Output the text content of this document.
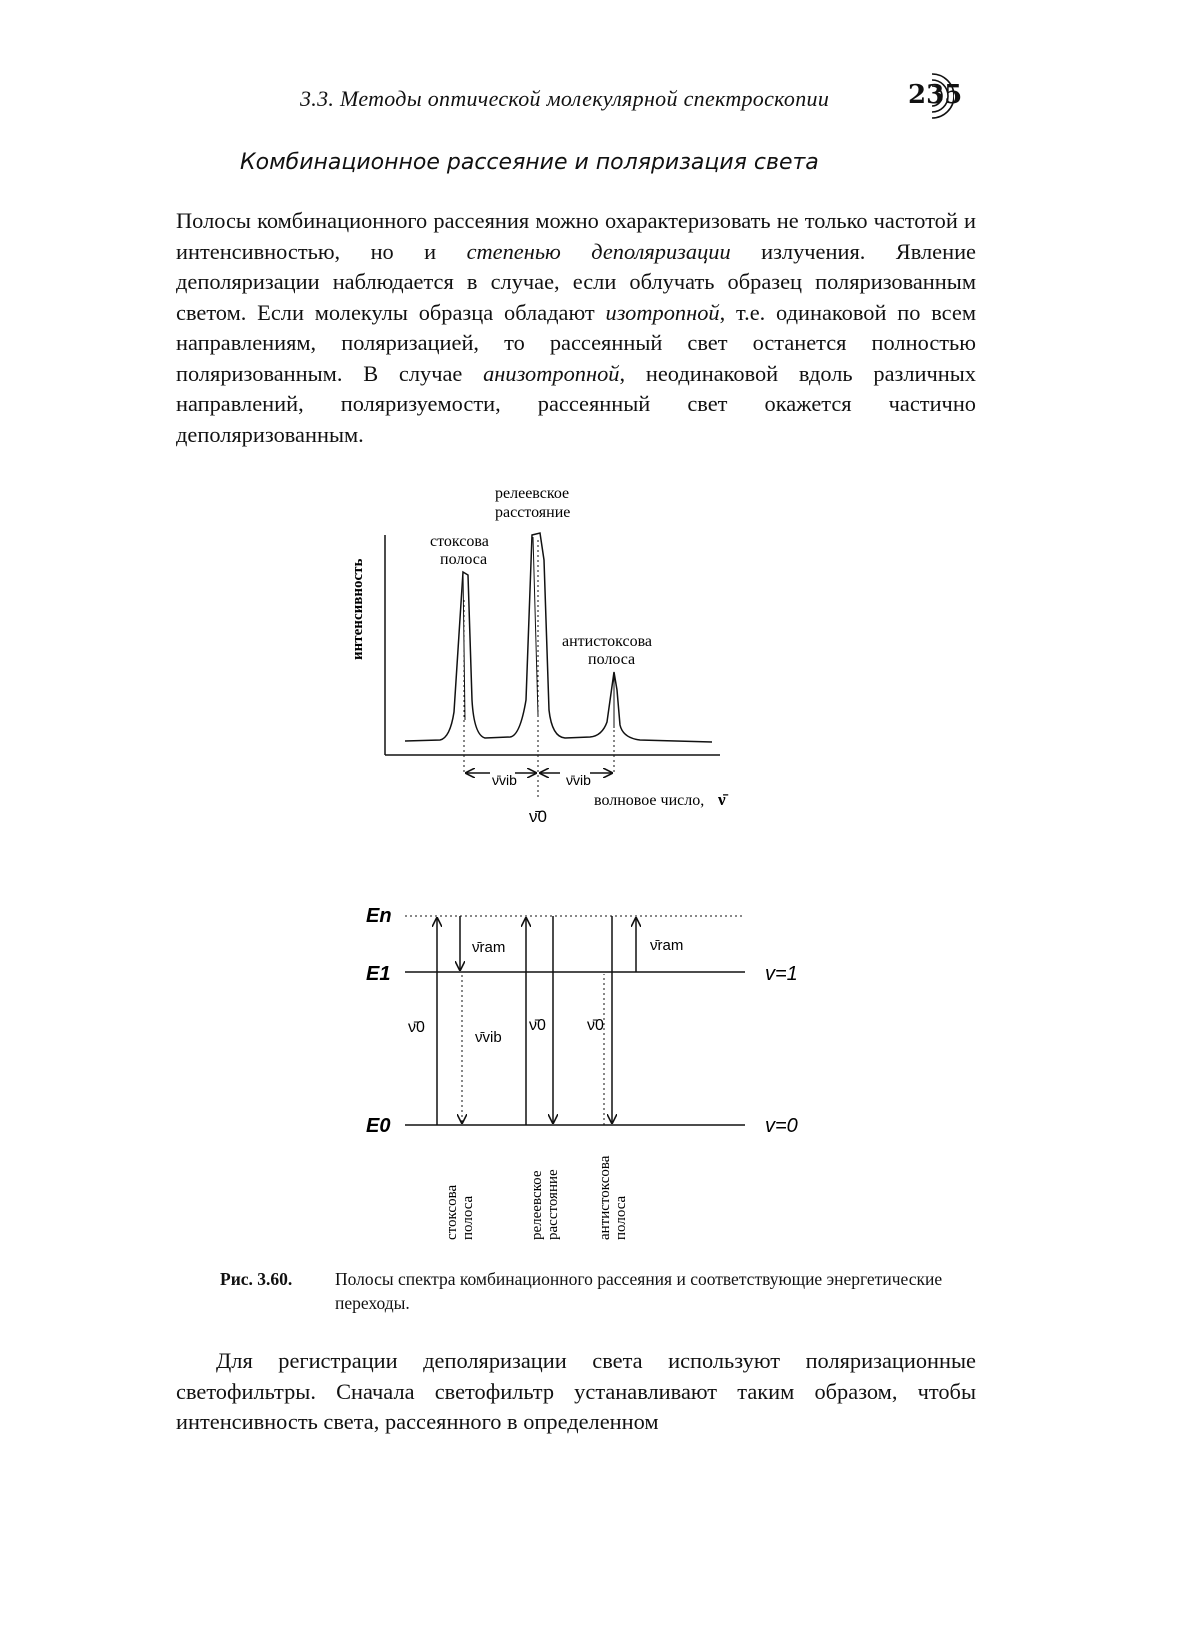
3.3. Методы оптической молекулярной спектроскопии	235
Комбинационное рассеяние и поляризация света
Полосы комбинационного рассеяния можно охарактеризовать не только частотой и интенсивностью, но и степенью деполяризации излучения. Явление деполяризации наблюдается в случае, если облучать образец поляризованным светом. Если молекулы образца обладают изотропной, т.е. одинаковой по всем направлениям, поляризацией, то рассеянный свет останется полностью поляризованным. В случае анизотропной, неодинаковой вдоль различных направлений, поляризуемости, рассеянный свет окажется частично деполяризованным.
интенсивность
релеевское
расстояние
стоксова
полоса
антистоксова
полоса
ν̄vib	ν̄vib
ν̄0
волновое число, ν̄
En
E1
E0
v=1
v=0
ν̄ram
ν̄0
ν̄vib
ν̄0
ν̄ram
ν̄0
стоксова полоса	релеевское расстояние антистоксова полоса
Рис. 3.60. Полосы спектра комбинационного рассеяния и соответствующие энергетические переходы.
Для регистрации деполяризации света используют поляризационные светофильтры. Сначала светофильтр устанавливают таким образом, чтобы интенсивность света, рассеянного в определенном
